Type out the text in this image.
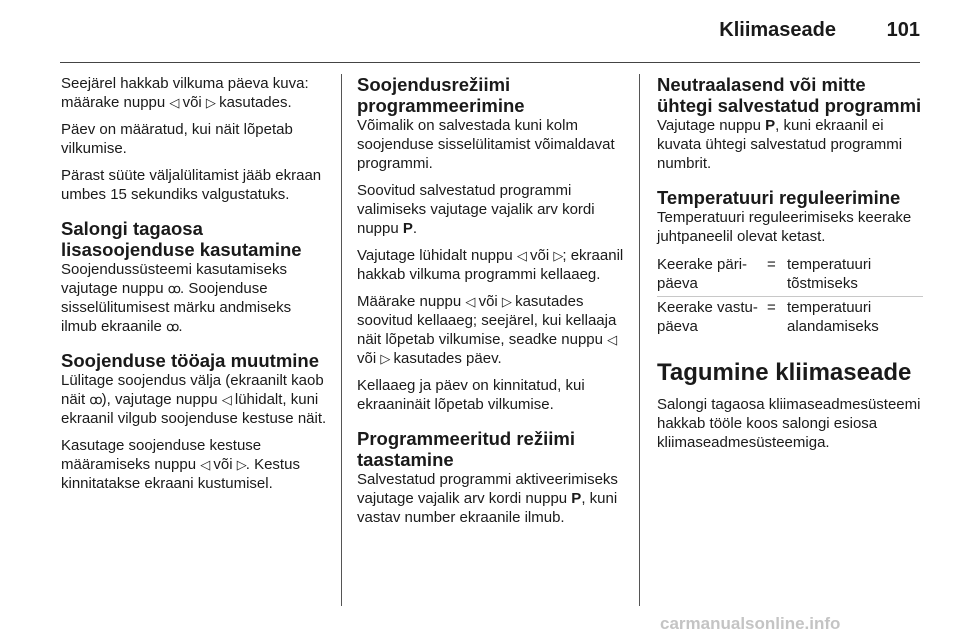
Kliimaseade	101

Seejärel hakkab vilkuma päeva kuva: määrake nuppu ◁ või ▷ kasutades.

Päev on määratud, kui näit lõpetab vilkumise.

Pärast süüte väljalülitamist jääb ekraan umbes 15 sekundiks valgustatuks.

Salongi tagaosa lisasoojenduse kasutamine

Soojendussüsteemi kasutamiseks vajutage nuppu ꝏ. Soojenduse sisselülitumisest märku andmiseks ilmub ekraanile ꝏ.

Soojenduse tööaja muutmine

Lülitage soojendus välja (ekraanilt kaob näit ꝏ), vajutage nuppu ◁ lühidalt, kuni ekraanil vilgub soojenduse kestuse näit.

Kasutage soojenduse kestuse määramiseks nuppu ◁ või ▷. Kestus kinnitatakse ekraani kustumisel.

Soojendusrežiimi programmeerimine

Võimalik on salvestada kuni kolm soojenduse sisselülitamist võimaldavat programmi.

Soovitud salvestatud programmi valimiseks vajutage vajalik arv kordi nuppu P.

Vajutage lühidalt nuppu ◁ või ▷; ekraanil hakkab vilkuma programmi kellaaeg.

Määrake nuppu ◁ või ▷ kasutades soovitud kellaaeg; seejärel, kui kellaaja näit lõpetab vilkumise, seadke nuppu ◁ või ▷ kasutades päev.

Kellaaeg ja päev on kinnitatud, kui ekraaninäit lõpetab vilkumise.

Programmeeritud režiimi taastamine

Salvestatud programmi aktiveerimiseks vajutage vajalik arv kordi nuppu P, kuni vastav number ekraanile ilmub.

Neutraalasend või mitte ühtegi salvestatud programmi

Vajutage nuppu P, kuni ekraanil ei kuvata ühtegi salvestatud programmi numbrit.

Temperatuuri reguleerimine

Temperatuuri reguleerimiseks keerake juhtpaneelil olevat ketast.

Keerake päri-päeva
= temperatuuri tõstmiseks
Keerake vastu-päeva
= temperatuuri alandamiseks
Tagumine kliimaseade

Salongi tagaosa kliimaseadmesüsteemi hakkab tööle koos salongi esiosa kliimaseadmesüsteemiga.

carmanualsonline.info
